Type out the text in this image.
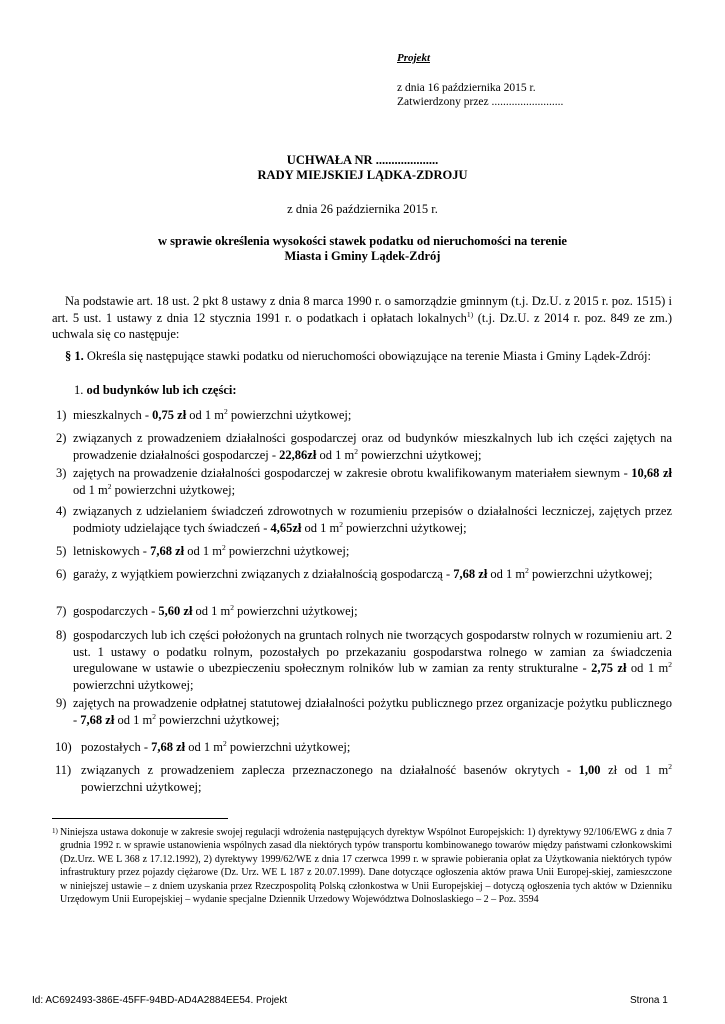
Projekt
z dnia 16 października 2015 r.
Zatwierdzony przez .........................
UCHWAŁA NR ....................
RADY MIEJSKIEJ LĄDKA-ZDROJU
z dnia 26 października 2015 r.
w sprawie określenia wysokości stawek podatku od nieruchomości na terenie
Miasta i Gminy Lądek-Zdrój
Na podstawie art. 18 ust. 2 pkt 8 ustawy z dnia 8 marca 1990 r. o samorządzie gminnym (t.j. Dz.U. z 2015 r. poz. 1515) i art. 5 ust. 1 ustawy z dnia 12 stycznia 1991 r. o podatkach i opłatach lokalnych$^{1)}$ (t.j. Dz.U. z 2014 r. poz. 849 ze zm.) uchwala się co następuje:
§ 1. Określa się następujące stawki podatku od nieruchomości obowiązujące na terenie Miasta i Gminy Lądek-Zdrój:
1. od budynków lub ich części:
1) mieszkalnych - 0,75 zł od 1 $m^2$ powierzchni użytkowej;
2) związanych z prowadzeniem działalności gospodarczej oraz od budynków mieszkalnych lub ich części zajętych na prowadzenie działalności gospodarczej - 22,86zł od 1 $m^2$ powierzchni użytkowej;
3) zajętych na prowadzenie działalności gospodarczej w zakresie obrotu kwalifikowanym materiałem siewnym - 10,68 zł od 1 $m^2$ powierzchni użytkowej;
4) związanych z udzielaniem świadczeń zdrowotnych w rozumieniu przepisów o działalności leczniczej, zajętych przez podmioty udzielające tych świadczeń - 4,65zł od 1 $m^2$ powierzchni użytkowej;
5) letniskowych - 7,68 zł od 1 $m^2$ powierzchni użytkowej;
6) garaży, z wyjątkiem powierzchni związanych z działalnością gospodarczą - 7,68 zł od 1 $m^2$ powierzchni użytkowej;
7) gospodarczych - 5,60 zł od 1 $m^2$ powierzchni użytkowej;
8) gospodarczych lub ich części położonych na gruntach rolnych nie tworzących gospodarstw rolnych w rozumieniu art. 2 ust. 1 ustawy o podatku rolnym, pozostałych po przekazaniu gospodarstwa rolnego w zamian za świadczenia uregulowane w ustawie o ubezpieczeniu społecznym rolników lub w zamian za renty strukturalne - 2,75 zł od 1 $m^2$ powierzchni użytkowej;
9) zajętych na prowadzenie odpłatnej statutowej działalności pożytku publicznego przez organizacje pożytku publicznego - 7,68 zł od 1 $m^2$ powierzchni użytkowej;
10) pozostałych - 7,68 zł od 1 $m^2$ powierzchni użytkowej;
11) związanych z prowadzeniem zaplecza przeznaczonego na działalność basenów okrytych - 1,00 zł od 1 $m^2$ powierzchni użytkowej;
1) Niniejsza ustawa dokonuje w zakresie swojej regulacji wdrożenia następujących dyrektyw Wspólnot Europejskich: 1) dyrektywy 92/106/EWG z dnia 7 grudnia 1992 r. w sprawie ustanowienia wspólnych zasad dla niektórych typów transportu kombinowanego towarów między państwami członkowskimi (Dz.Urz. WE L 368 z 17.12.1992), 2) dyrektywy 1999/62/WE z dnia 17 czerwca 1999 r. w sprawie pobierania opłat za Użytkowania niektórych typów infrastruktury przez pojazdy ciężarowe (Dz. Urz. WE L 187 z 20.07.1999). Dane dotyczące ogłoszenia aktów prawa Unii Europej-skiej, zamieszczone w niniejszej ustawie – z dniem uzyskania przez Rzeczpospolitą Polską członkostwa w Unii Europejskiej – dotyczą ogłoszenia tych aktów w Dzienniku Urzędowym Unii Europejskiej – wydanie specjalne Dziennik Urzedowy Województwa Dolnoslaskiego – 2 – Poz. 3594
Id: AC692493-386E-45FF-94BD-AD4A2884EE54. Projekt	Strona 1
